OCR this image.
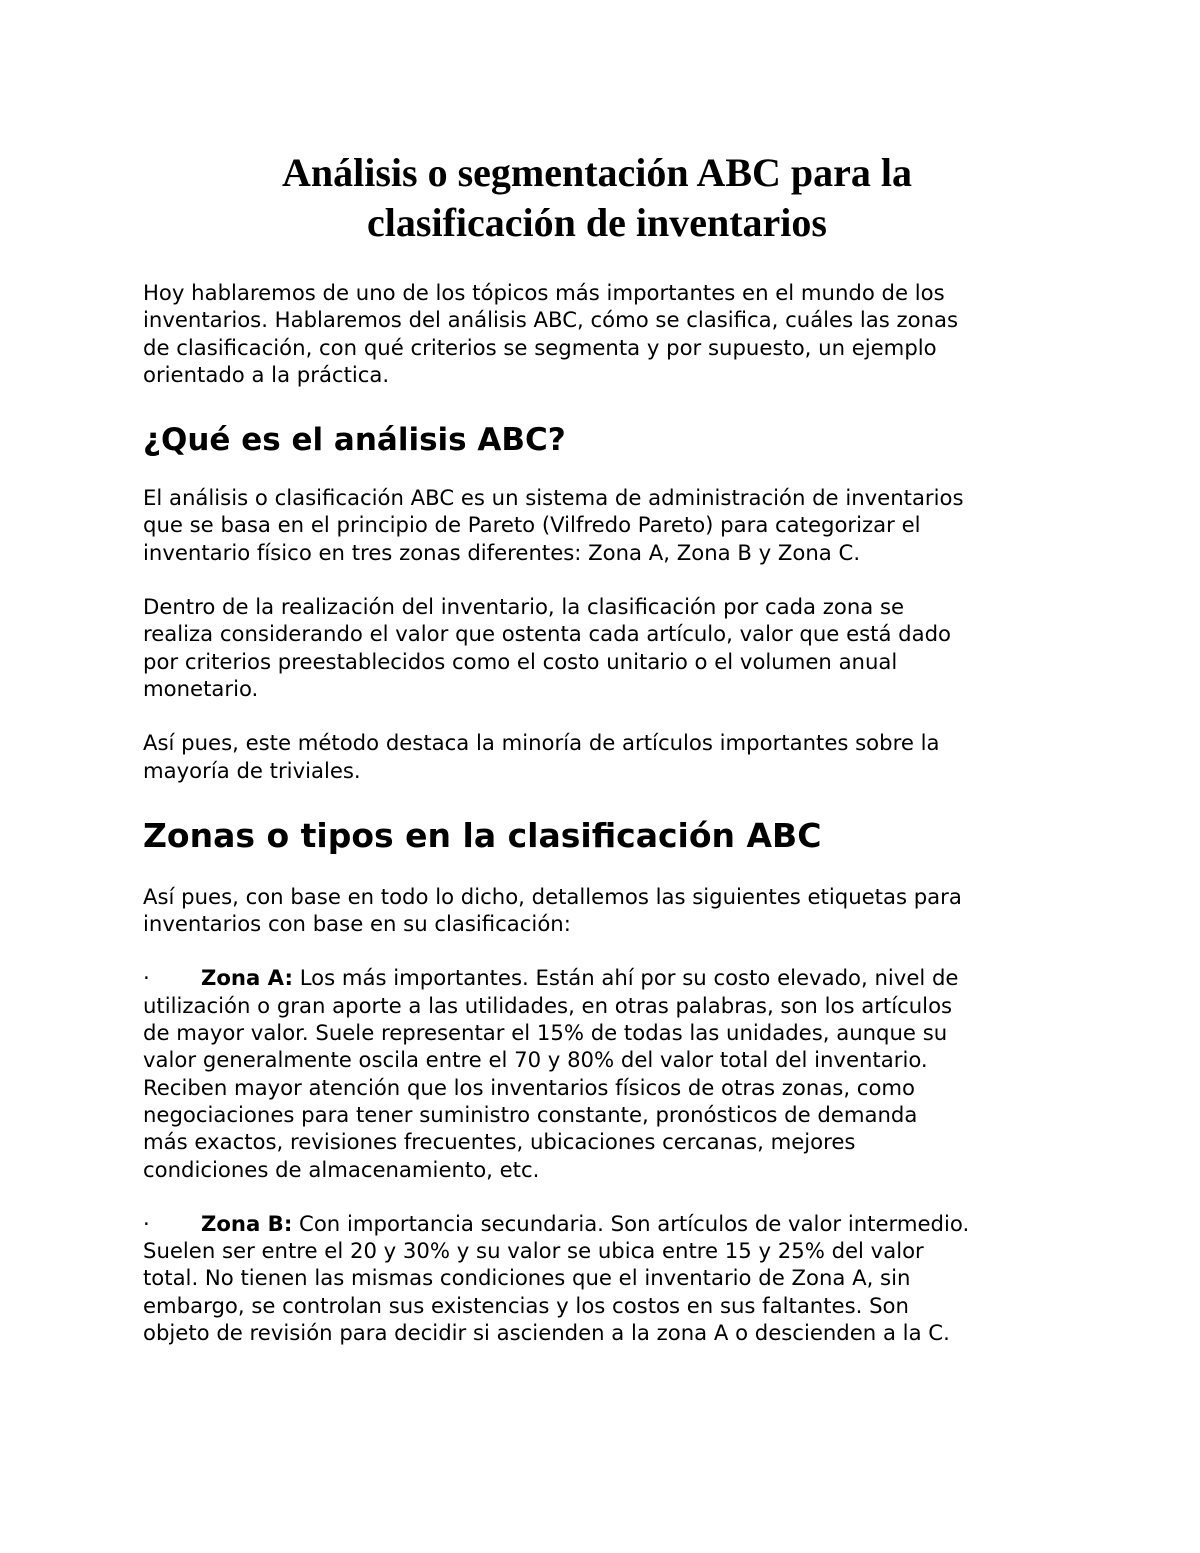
Análisis o segmentación ABC para la
clasificación de inventarios
Hoy hablaremos de uno de los tópicos más importantes en el mundo de los
inventarios. Hablaremos del análisis ABC, cómo se clasifica, cuáles las zonas
de clasificación, con qué criterios se segmenta y por supuesto, un ejemplo
orientado a la práctica.
¿Qué es el análisis ABC?
El análisis o clasificación ABC es un sistema de administración de inventarios
que se basa en el principio de Pareto (Vilfredo Pareto) para categorizar el
inventario físico en tres zonas diferentes: Zona A, Zona B y Zona C.
Dentro de la realización del inventario, la clasificación por cada zona se
realiza considerando el valor que ostenta cada artículo, valor que está dado
por criterios preestablecidos como el costo unitario o el volumen anual
monetario.
Así pues, este método destaca la minoría de artículos importantes sobre la
mayoría de triviales.
Zonas o tipos en la clasificación ABC
Así pues, con base en todo lo dicho, detallemos las siguientes etiquetas para
inventarios con base en su clasificación:
· Zona A: Los más importantes. Están ahí por su costo elevado, nivel de
utilización o gran aporte a las utilidades, en otras palabras, son los artículos
de mayor valor. Suele representar el 15% de todas las unidades, aunque su
valor generalmente oscila entre el 70 y 80% del valor total del inventario.
Reciben mayor atención que los inventarios físicos de otras zonas, como
negociaciones para tener suministro constante, pronósticos de demanda
más exactos, revisiones frecuentes, ubicaciones cercanas, mejores
condiciones de almacenamiento, etc.
· Zona B: Con importancia secundaria. Son artículos de valor intermedio.
Suelen ser entre el 20 y 30% y su valor se ubica entre 15 y 25% del valor
total. No tienen las mismas condiciones que el inventario de Zona A, sin
embargo, se controlan sus existencias y los costos en sus faltantes. Son
objeto de revisión para decidir si ascienden a la zona A o descienden a la C.
